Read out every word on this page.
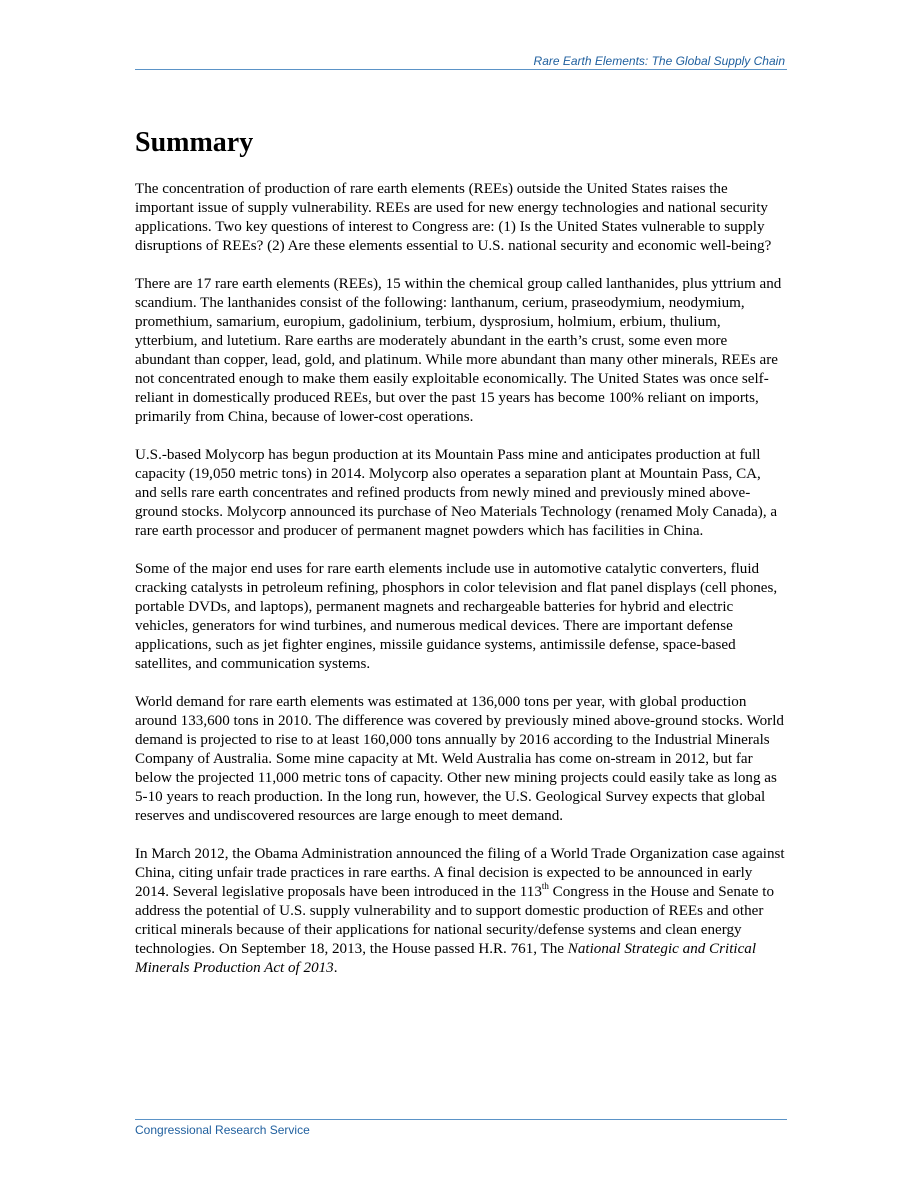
Rare Earth Elements: The Global Supply Chain
Summary

The concentration of production of rare earth elements (REEs) outside the United States raises the important issue of supply vulnerability. REEs are used for new energy technologies and national security applications. Two key questions of interest to Congress are: (1) Is the United States vulnerable to supply disruptions of REEs? (2) Are these elements essential to U.S. national security and economic well-being?

There are 17 rare earth elements (REEs), 15 within the chemical group called lanthanides, plus yttrium and scandium. The lanthanides consist of the following: lanthanum, cerium, praseodymium, neodymium, promethium, samarium, europium, gadolinium, terbium, dysprosium, holmium, erbium, thulium, ytterbium, and lutetium. Rare earths are moderately abundant in the earth’s crust, some even more abundant than copper, lead, gold, and platinum. While more abundant than many other minerals, REEs are not concentrated enough to make them easily exploitable economically. The United States was once self-reliant in domestically produced REEs, but over the past 15 years has become 100% reliant on imports, primarily from China, because of lower-cost operations.

U.S.-based Molycorp has begun production at its Mountain Pass mine and anticipates production at full capacity (19,050 metric tons) in 2014. Molycorp also operates a separation plant at Mountain Pass, CA, and sells rare earth concentrates and refined products from newly mined and previously mined above-ground stocks. Molycorp announced its purchase of Neo Materials Technology (renamed Moly Canada), a rare earth processor and producer of permanent magnet powders which has facilities in China.

Some of the major end uses for rare earth elements include use in automotive catalytic converters, fluid cracking catalysts in petroleum refining, phosphors in color television and flat panel displays (cell phones, portable DVDs, and laptops), permanent magnets and rechargeable batteries for hybrid and electric vehicles, generators for wind turbines, and numerous medical devices. There are important defense applications, such as jet fighter engines, missile guidance systems, antimissile defense, space-based satellites, and communication systems.

World demand for rare earth elements was estimated at 136,000 tons per year, with global production around 133,600 tons in 2010. The difference was covered by previously mined above-ground stocks. World demand is projected to rise to at least 160,000 tons annually by 2016 according to the Industrial Minerals Company of Australia. Some mine capacity at Mt. Weld Australia has come on-stream in 2012, but far below the projected 11,000 metric tons of capacity. Other new mining projects could easily take as long as 5-10 years to reach production. In the long run, however, the U.S. Geological Survey expects that global reserves and undiscovered resources are large enough to meet demand.

In March 2012, the Obama Administration announced the filing of a World Trade Organization case against China, citing unfair trade practices in rare earths. A final decision is expected to be announced in early 2014. Several legislative proposals have been introduced in the 113th Congress in the House and Senate to address the potential of U.S. supply vulnerability and to support domestic production of REEs and other critical minerals because of their applications for national security/defense systems and clean energy technologies. On September 18, 2013, the House passed H.R. 761, The National Strategic and Critical Minerals Production Act of 2013.

Congressional Research Service
